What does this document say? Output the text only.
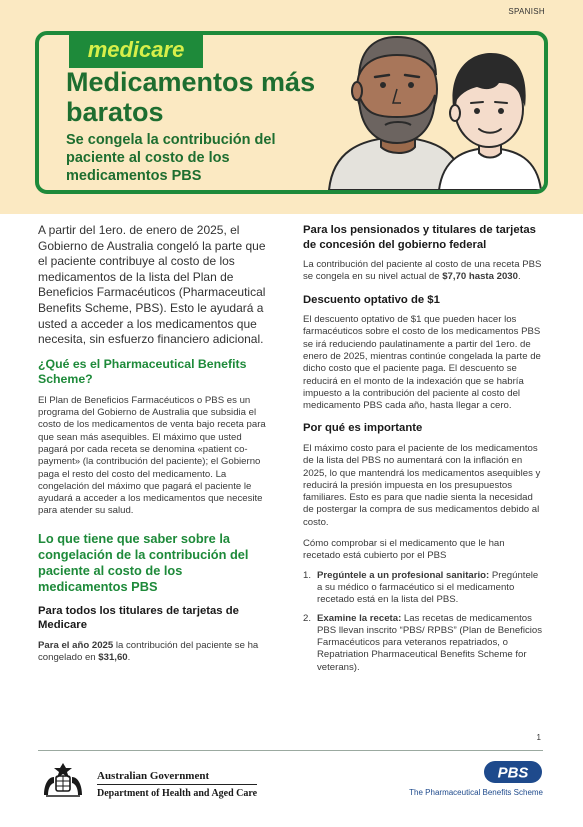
SPANISH
medicare
Medicamentos más baratos
Se congela la contribución del paciente al costo de los medicamentos PBS
A partir del 1ero. de enero de 2025, el Gobierno de Australia congeló la parte que el paciente contribuye al costo de los medicamentos de la lista del Plan de Beneficios Farmacéuticos (Pharmaceutical Benefits Scheme, PBS). Esto le ayudará a usted a acceder a los medicamentos que necesita, sin esfuerzo financiero adicional.
¿Qué es el Pharmaceutical Benefits Scheme?
El Plan de Beneficios Farmacéuticos o PBS es un programa del Gobierno de Australia que subsidia el costo de los medicamentos de venta bajo receta para que sean más asequibles. El máximo que usted pagará por cada receta se denomina «patient co-payment» (la contribución del paciente); el Gobierno paga el resto del costo del medicamento. La congelación del máximo que pagará el paciente le ayudará a acceder a los medicamentos que necesite para atender su salud.
Lo que tiene que saber sobre la congelación de la contribución del paciente al costo de los medicamentos PBS
Para todos los titulares de tarjetas de Medicare
Para el año 2025 la contribución del paciente se ha congelado en $31,60.
Para los pensionados y titulares de tarjetas de concesión del gobierno federal
La contribución del paciente al costo de una receta PBS se congela en su nivel actual de $7,70 hasta 2030.
Descuento optativo de $1
El descuento optativo de $1 que pueden hacer los farmacéuticos sobre el costo de los medicamentos PBS se irá reduciendo paulatinamente a partir del 1ero. de enero de 2025, mientras continúe congelada la parte de dicho costo que el paciente paga. El descuento se reducirá en el monto de la indexación que se habría impuesto a la contribución del paciente al costo del medicamento PBS cada año, hasta llegar a cero.
Por qué es importante
El máximo costo para el paciente de los medicamentos de la lista del PBS no aumentará con la inflación en 2025, lo que mantendrá los medicamentos asequibles y reducirá la presión impuesta en los presupuestos familiares. Esto es para que nadie sienta la necesidad de postergar la compra de sus medicamentos debido al costo.
Cómo comprobar si el medicamento que le han recetado está cubierto por el PBS
1. Pregúntele a un profesional sanitario: Pregúntele a su médico o farmacéutico si el medicamento recetado está en la lista del PBS.
2. Examine la receta: Las recetas de medicamentos PBS llevan inscrito “PBS/ RPBS” (Plan de Beneficios Farmacéuticos para veteranos repatriados, o Repatriation Pharmaceutical Benefits Scheme for veterans).
1
Australian Government
Department of Health and Aged Care
PBS
The Pharmaceutical Benefits Scheme
